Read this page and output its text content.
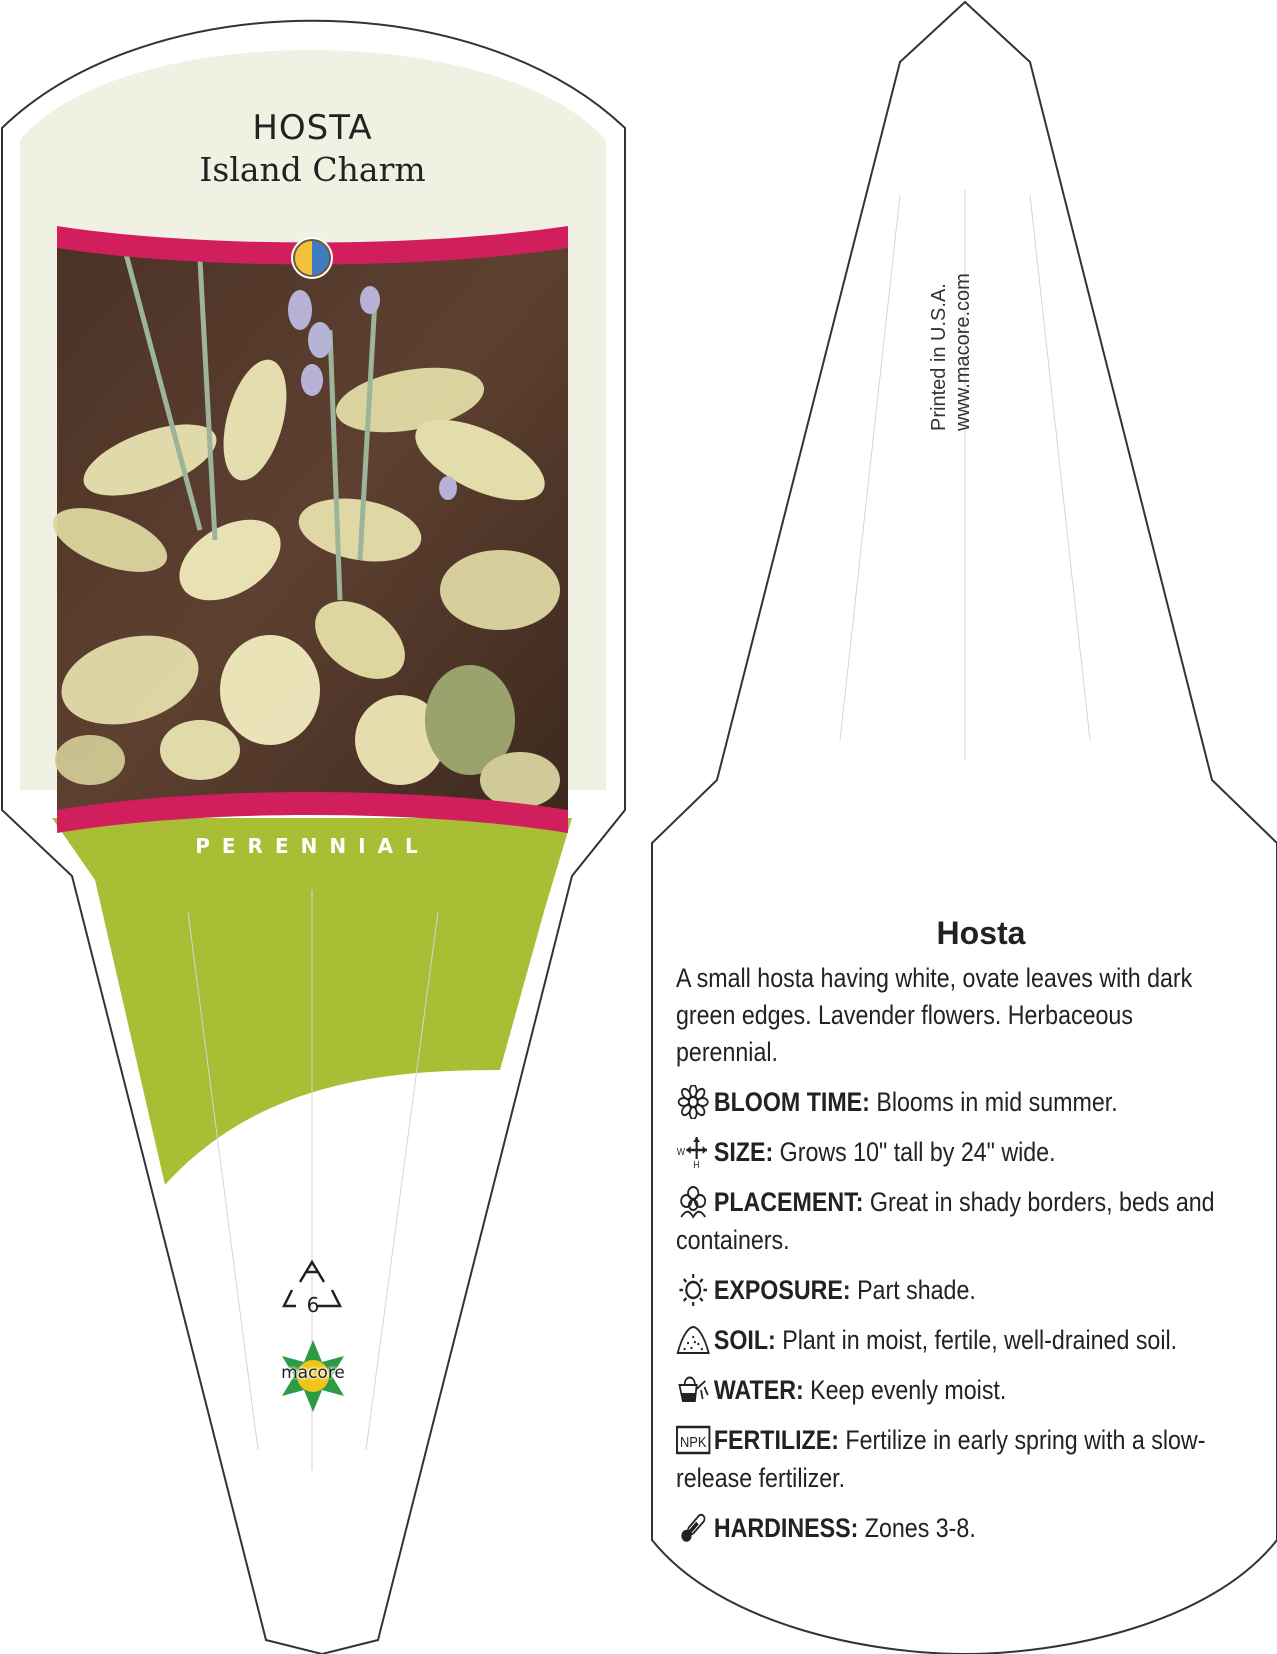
HOSTA
Island Charm
PERENNIAL
6
macore
Printed in U.S.A. www.macore.com
Hosta
A small hosta having white, ovate leaves with dark green edges. Lavender flowers. Herbaceous perennial.
BLOOM TIME: Blooms in mid summer.
W
H SIZE: Grows 10" tall by 24" wide.
PLACEMENT: Great in shady borders, beds and containers.
EXPOSURE: Part shade.
SOIL: Plant in moist, fertile, well-drained soil.
WATER: Keep evenly moist.
NPK FERTILIZE: Fertilize in early spring with a slow-release fertilizer.
HARDINESS: Zones 3-8.
